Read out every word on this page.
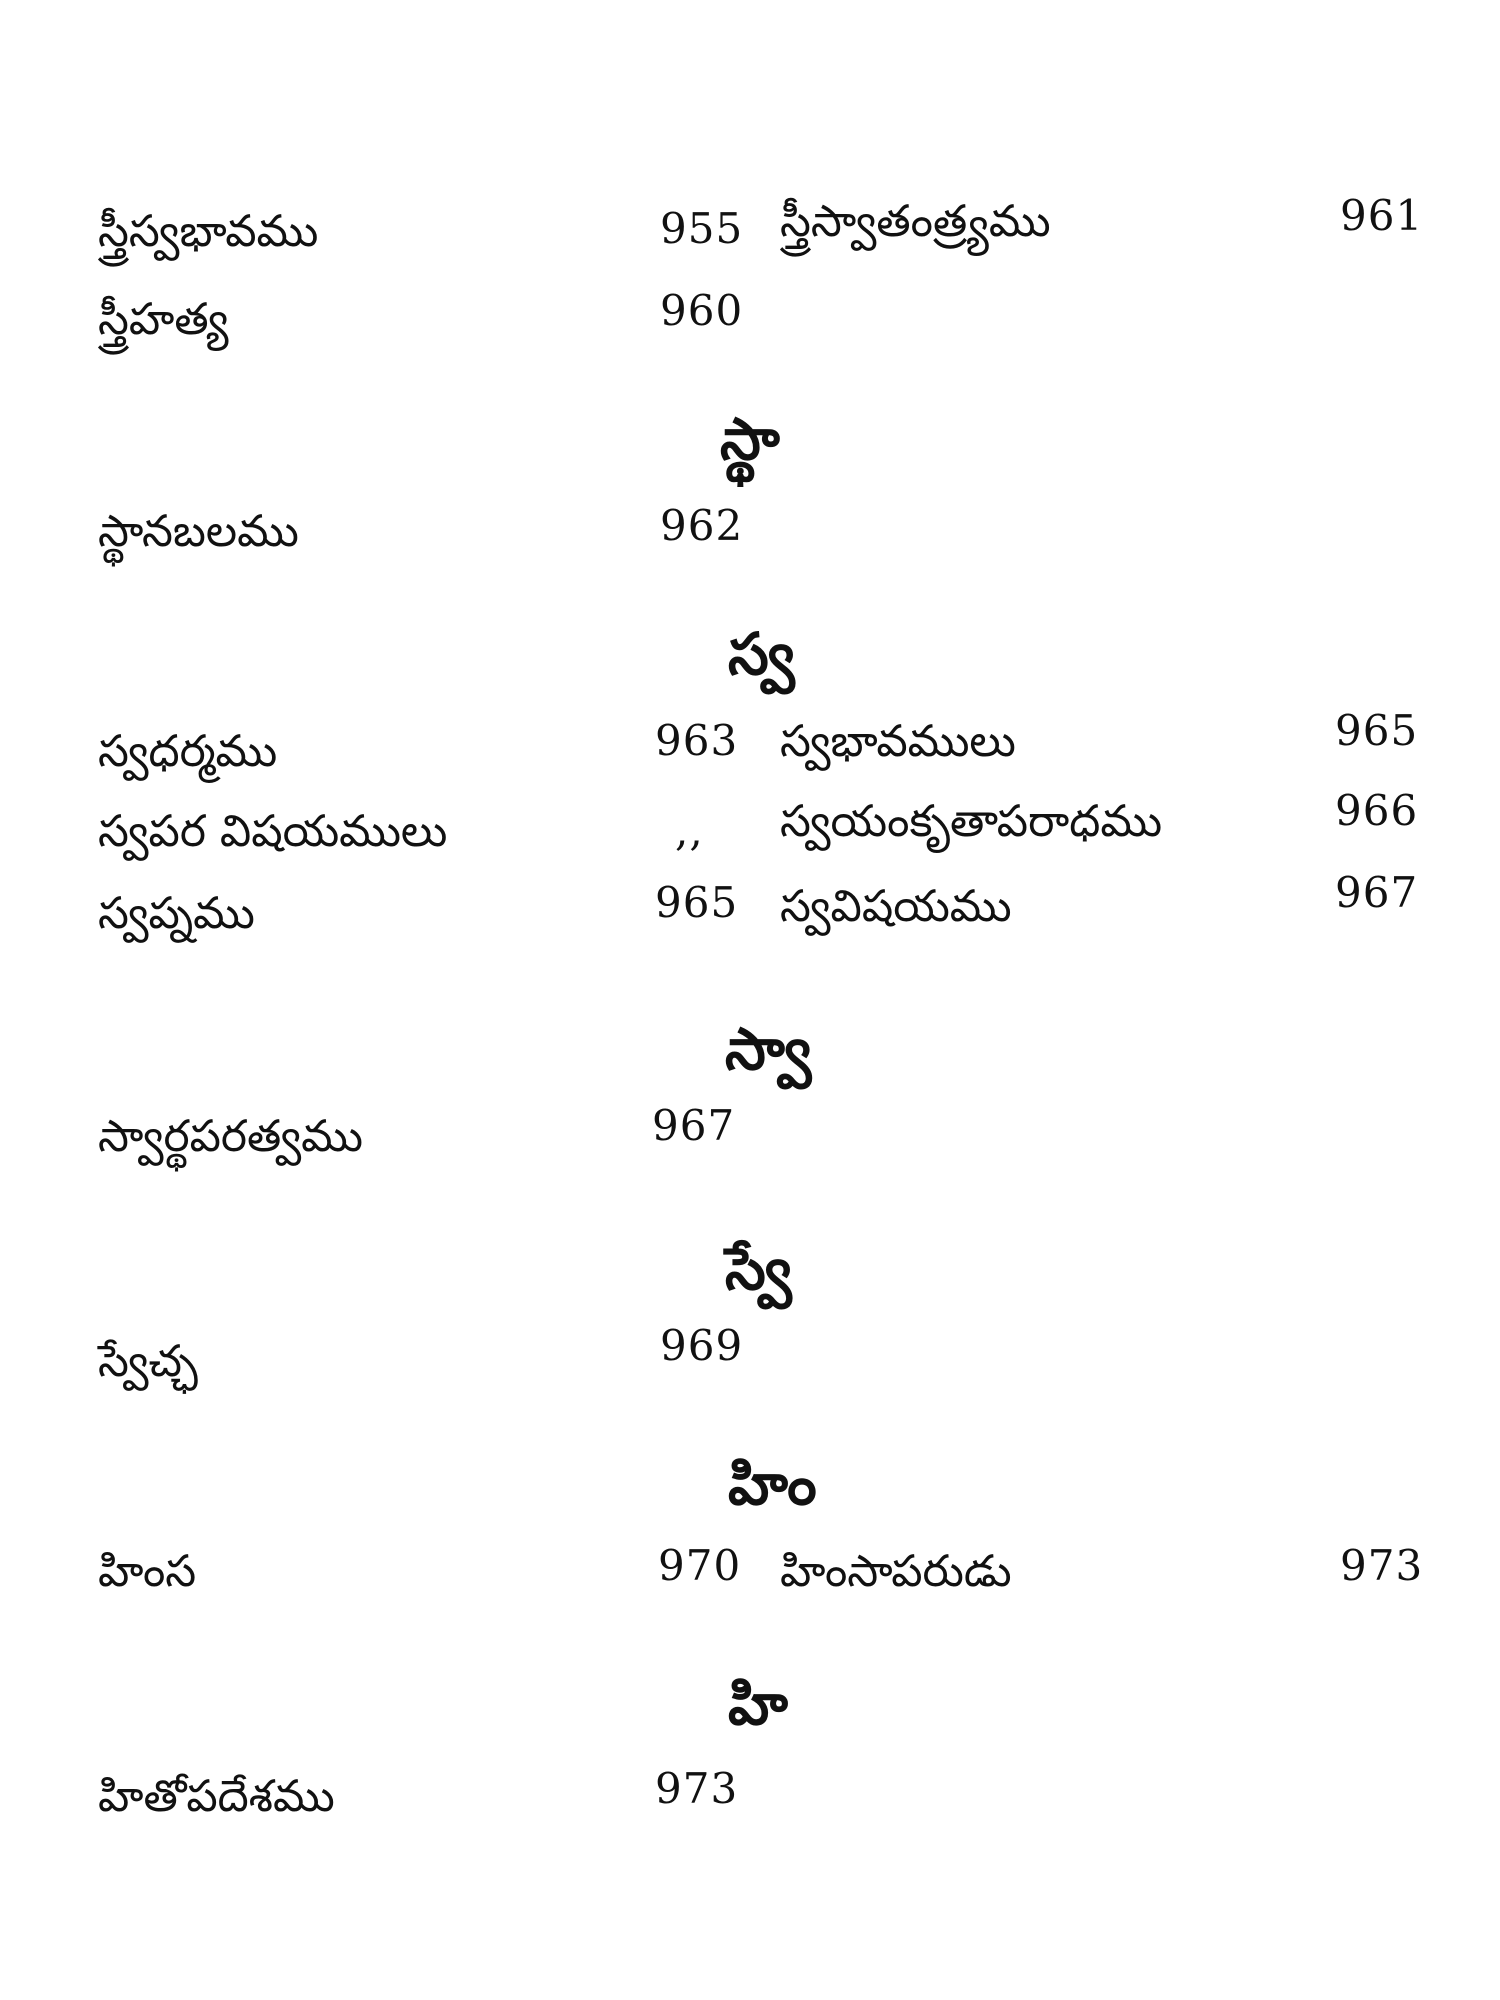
స్త్రీస్వభావము	955 స్త్రీస్వాతంత్ర్యము	961
స్త్రీహత్య	960
స్థా
స్థానబలము	962
స్వ
స్వధర్మము	963 స్వభావములు	965
స్వపర విషయములు	,, స్వయంకృతాపరాధము	966
స్వప్నము	965 స్వవిషయము	967
స్వా
స్వార్థపరత్వము	967
స్వే
స్వేచ్ఛ	969
హిం
హింస	970 హింసాపరుడు	973
హి
హితోపదేశము	973
